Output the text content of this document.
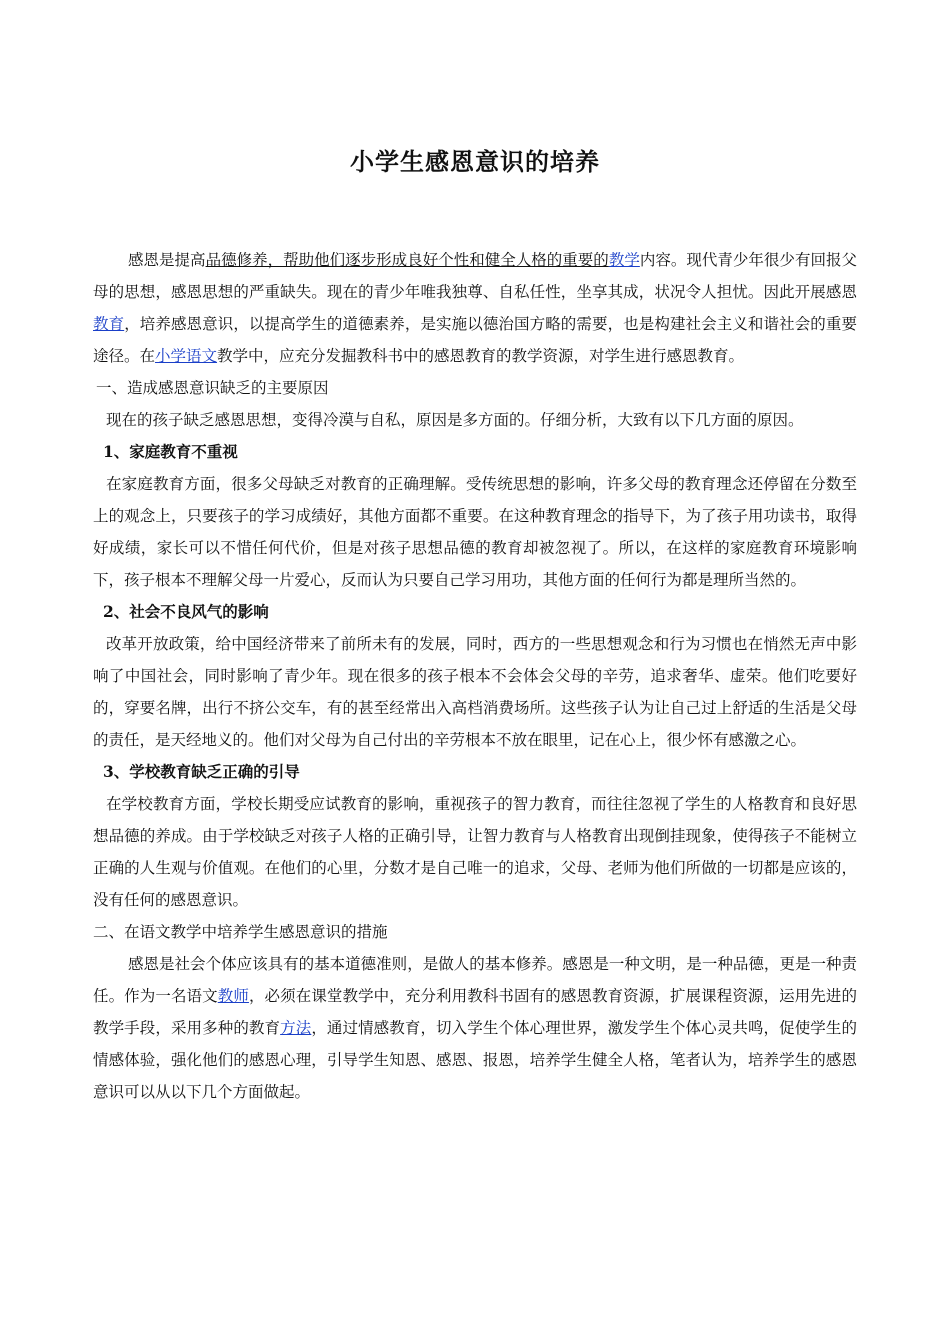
小学生感恩意识的培养

感恩是提高品德修养，帮助他们逐步形成良好个性和健全人格的重要的教学内容。现代青少年很少有回报父母的思想，感恩思想的严重缺失。现在的青少年唯我独尊、自私任性，坐享其成，状况令人担忧。因此开展感恩教育，培养感恩意识，以提高学生的道德素养，是实施以德治国方略的需要，也是构建社会主义和谐社会的重要途径。在小学语文教学中，应充分发掘教科书中的感恩教育的教学资源，对学生进行感恩教育。

一、造成感恩意识缺乏的主要原因

现在的孩子缺乏感恩思想，变得冷漠与自私，原因是多方面的。仔细分析，大致有以下几方面的原因。

1、家庭教育不重视

在家庭教育方面，很多父母缺乏对教育的正确理解。受传统思想的影响，许多父母的教育理念还停留在分数至上的观念上，只要孩子的学习成绩好，其他方面都不重要。在这种教育理念的指导下，为了孩子用功读书，取得好成绩，家长可以不惜任何代价，但是对孩子思想品德的教育却被忽视了。所以，在这样的家庭教育环境影响下，孩子根本不理解父母一片爱心，反而认为只要自己学习用功，其他方面的任何行为都是理所当然的。

2、社会不良风气的影响

改革开放政策，给中国经济带来了前所未有的发展，同时，西方的一些思想观念和行为习惯也在悄然无声中影响了中国社会，同时影响了青少年。现在很多的孩子根本不会体会父母的辛劳，追求奢华、虚荣。他们吃要好的，穿要名牌，出行不挤公交车，有的甚至经常出入高档消费场所。这些孩子认为让自己过上舒适的生活是父母的责任，是天经地义的。他们对父母为自己付出的辛劳根本不放在眼里，记在心上，很少怀有感激之心。

3、学校教育缺乏正确的引导

在学校教育方面，学校长期受应试教育的影响，重视孩子的智力教育，而往往忽视了学生的人格教育和良好思想品德的养成。由于学校缺乏对孩子人格的正确引导，让智力教育与人格教育出现倒挂现象，使得孩子不能树立正确的人生观与价值观。在他们的心里，分数才是自己唯一的追求，父母、老师为他们所做的一切都是应该的，没有任何的感恩意识。

二、在语文教学中培养学生感恩意识的措施

感恩是社会个体应该具有的基本道德准则，是做人的基本修养。感恩是一种文明，是一种品德，更是一种责任。作为一名语文教师，必须在课堂教学中，充分利用教科书固有的感恩教育资源，扩展课程资源，运用先进的教学手段，采用多种的教育方法，通过情感教育，切入学生个体心理世界，激发学生个体心灵共鸣，促使学生的情感体验，强化他们的感恩心理，引导学生知恩、感恩、报恩，培养学生健全人格，笔者认为，培养学生的感恩意识可以从以下几个方面做起。
